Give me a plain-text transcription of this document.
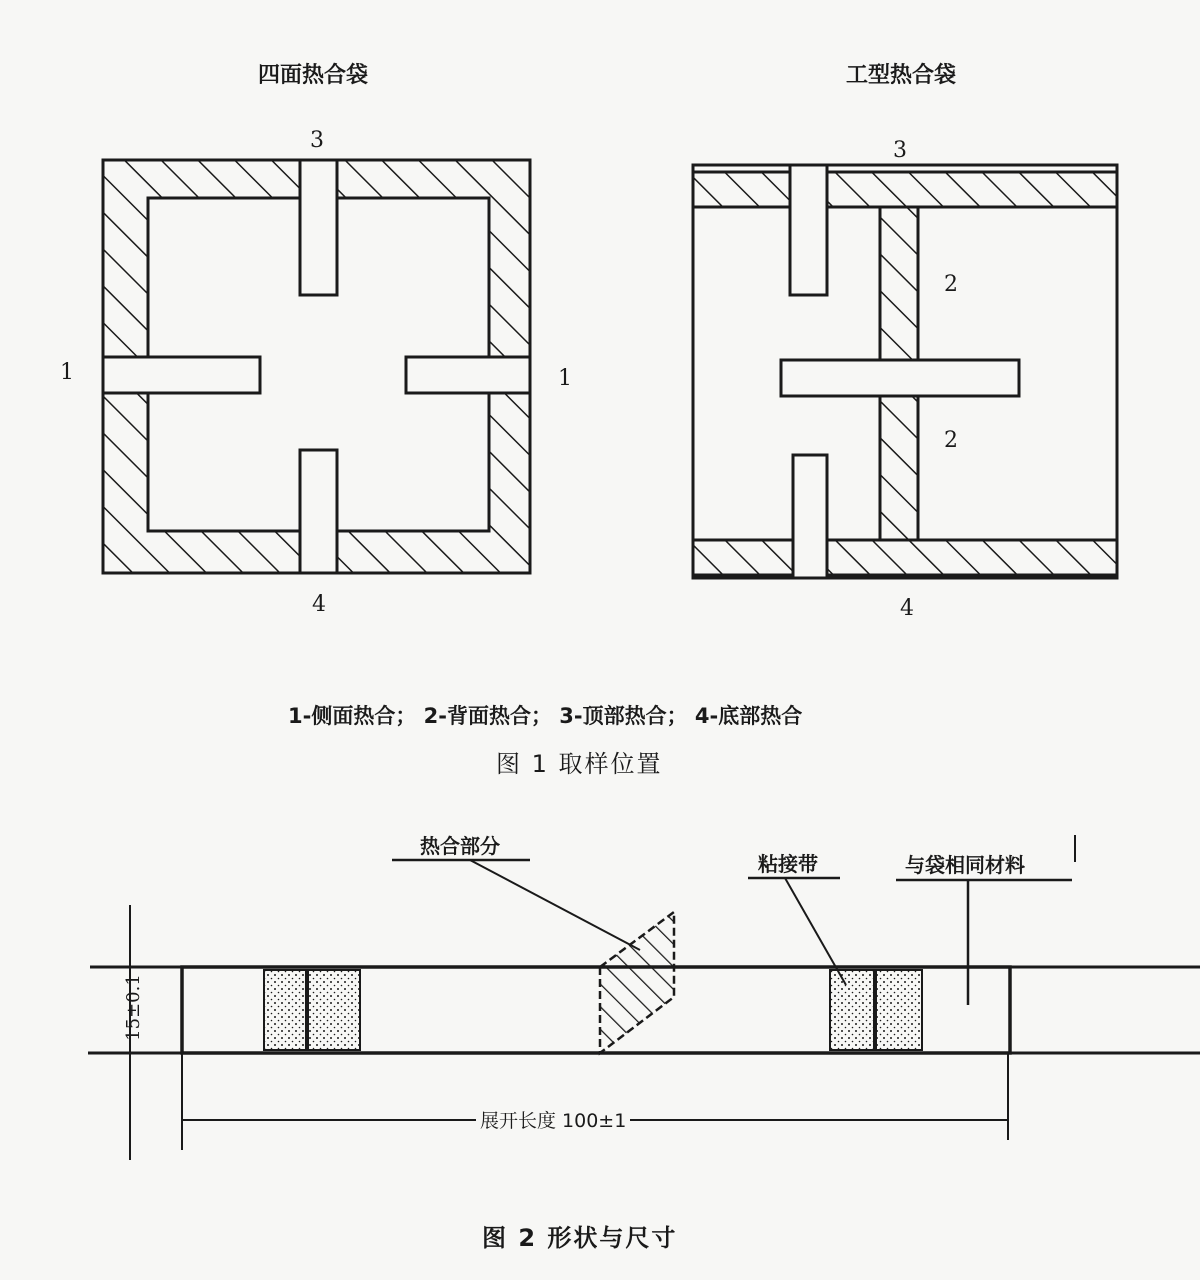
四面热合袋	工型热合袋
3
4
1	1
3
4
2
2
1-侧面热合； 2-背面热合； 3-顶部热合； 4-底部热合
图 1 取样位置
热合部分
粘接带	与袋相同材料
15±0.1
展开长度 100±1
图 2 形状与尺寸
